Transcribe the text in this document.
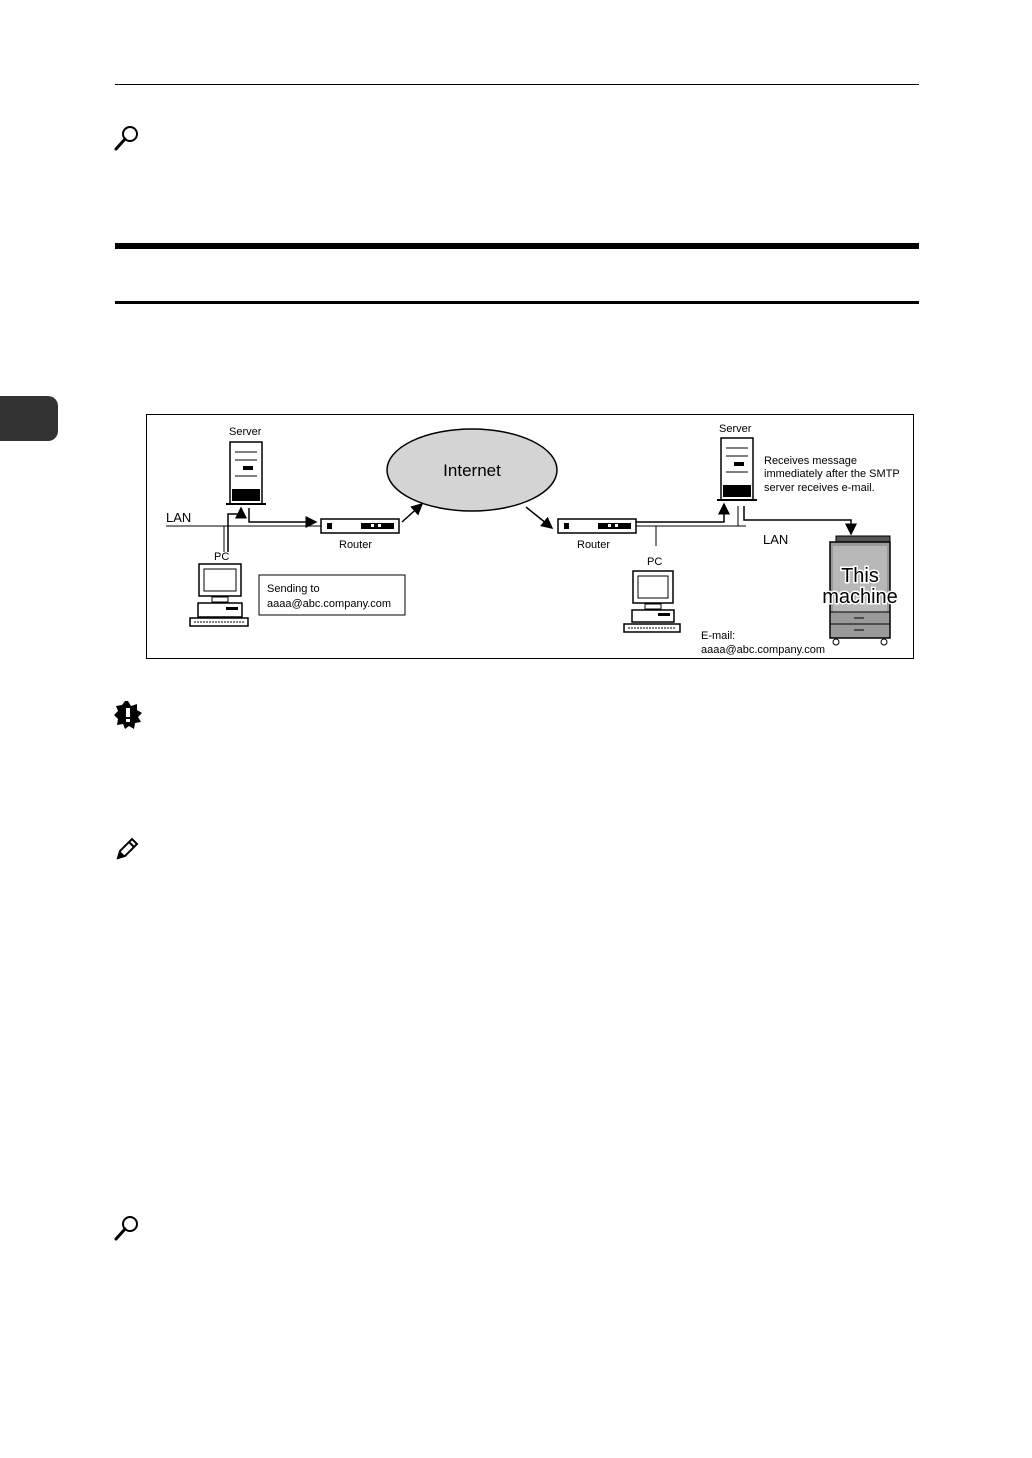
LAN
Server
Router
Internet
PC
Sending to
aaaa@abc.company.com
Router	LAN
Server
Receives message
immediately after the SMTP
server receives e-mail.
PC
E-mail:
aaaa@abc.company.com
This
machine
